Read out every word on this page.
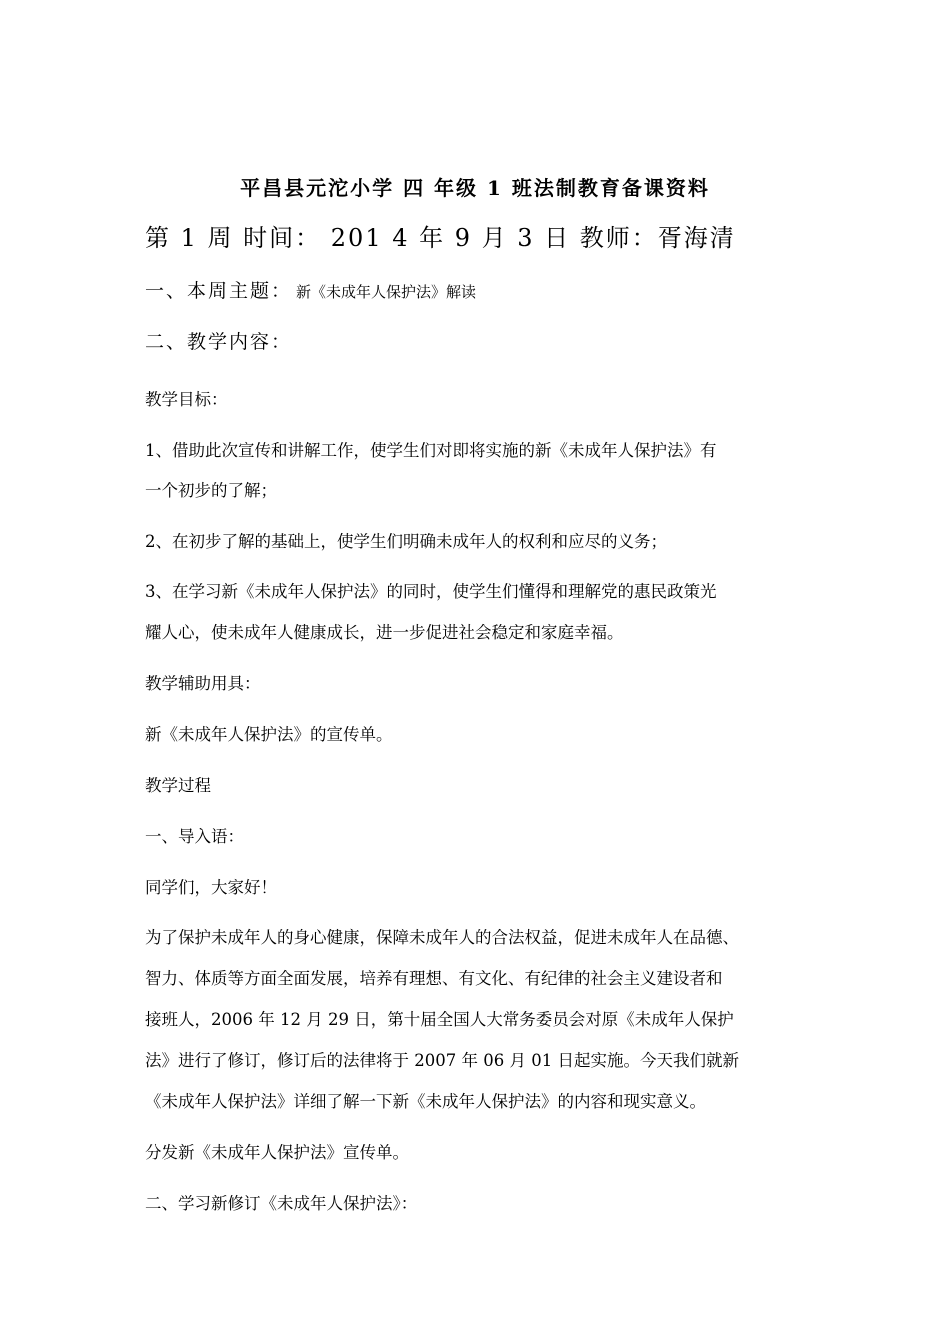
平昌县元沱小学 四 年级 1 班法制教育备课资料
第 1 周 时间： 201 4 年 9 月 3 日 教师：胥海清
一、本周主题： 新《未成年人保护法》解读
二、教学内容：
教学目标：
1、借助此次宣传和讲解工作，使学生们对即将实施的新《未成年人保护法》有
一个初步的了解；
2、在初步了解的基础上，使学生们明确未成年人的权利和应尽的义务；
3、在学习新《未成年人保护法》的同时，使学生们懂得和理解党的惠民政策光
耀人心，使未成年人健康成长，进一步促进社会稳定和家庭幸福。
教学辅助用具：
新《未成年人保护法》的宣传单。
教学过程
一、导入语：
同学们，大家好！
为了保护未成年人的身心健康，保障未成年人的合法权益，促进未成年人在品德、
智力、体质等方面全面发展，培养有理想、有文化、有纪律的社会主义建设者和
接班人，2006 年 12 月 29 日，第十届全国人大常务委员会对原《未成年人保护
法》进行了修订，修订后的法律将于 2007 年 06 月 01 日起实施。今天我们就新
《未成年人保护法》详细了解一下新《未成年人保护法》的内容和现实意义。
分发新《未成年人保护法》宣传单。
二、学习新修订《未成年人保护法》：
